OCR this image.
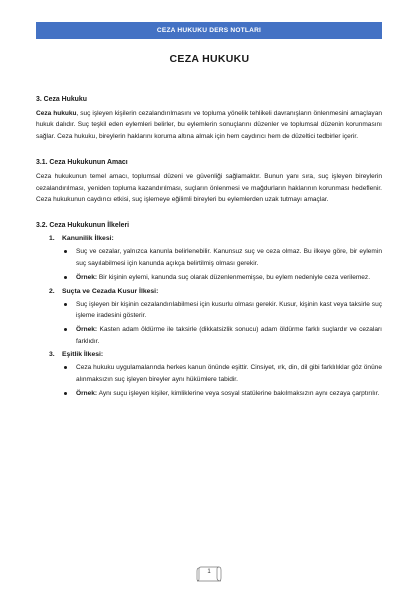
CEZA HUKUKU DERS NOTLARI
CEZA HUKUKU
3. Ceza Hukuku
Ceza hukuku, suç işleyen kişilerin cezalandırılmasını ve topluma yönelik tehlikeli davranışların önlenmesini amaçlayan hukuk dalıdır. Suç teşkil eden eylemleri belirler, bu eylemlerin sonuçlarını düzenler ve toplumsal düzenin korunmasını sağlar. Ceza hukuku, bireylerin haklarını koruma altına almak için hem caydırıcı hem de düzeltici tedbirler içerir.
3.1. Ceza Hukukunun Amacı
Ceza hukukunun temel amacı, toplumsal düzeni ve güvenliği sağlamaktır. Bunun yanı sıra, suç işleyen bireylerin cezalandırılması, yeniden topluma kazandırılması, suçların önlenmesi ve mağdurların haklarının korunması hedeflenir. Ceza hukukunun caydırıcı etkisi, suç işlemeye eğilimli bireyleri bu eylemlerden uzak tutmayı amaçlar.
3.2. Ceza Hukukunun İlkeleri
1.	Kanunilik İlkesi:
Suç ve cezalar, yalnızca kanunla belirlenebilir. Kanunsuz suç ve ceza olmaz. Bu ilkeye göre, bir eylemin suç sayılabilmesi için kanunda açıkça belirtilmiş olması gerekir.
Örnek: Bir kişinin eylemi, kanunda suç olarak düzenlenmemişse, bu eylem nedeniyle ceza verilemez.
2.	Suçta ve Cezada Kusur İlkesi:
Suç işleyen bir kişinin cezalandırılabilmesi için kusurlu olması gerekir. Kusur, kişinin kast veya taksirle suç işleme iradesini gösterir.
Örnek: Kasten adam öldürme ile taksirle (dikkatsizlik sonucu) adam öldürme farklı suçlardır ve cezaları farklıdır.
3.	Eşitlik İlkesi:
Ceza hukuku uygulamalarında herkes kanun önünde eşittir. Cinsiyet, ırk, din, dil gibi farklılıklar göz önüne alınmaksızın suç işleyen bireyler aynı hükümlere tabidir.
Örnek: Aynı suçu işleyen kişiler, kimliklerine veya sosyal statülerine bakılmaksızın aynı cezaya çarptırılır.
1
